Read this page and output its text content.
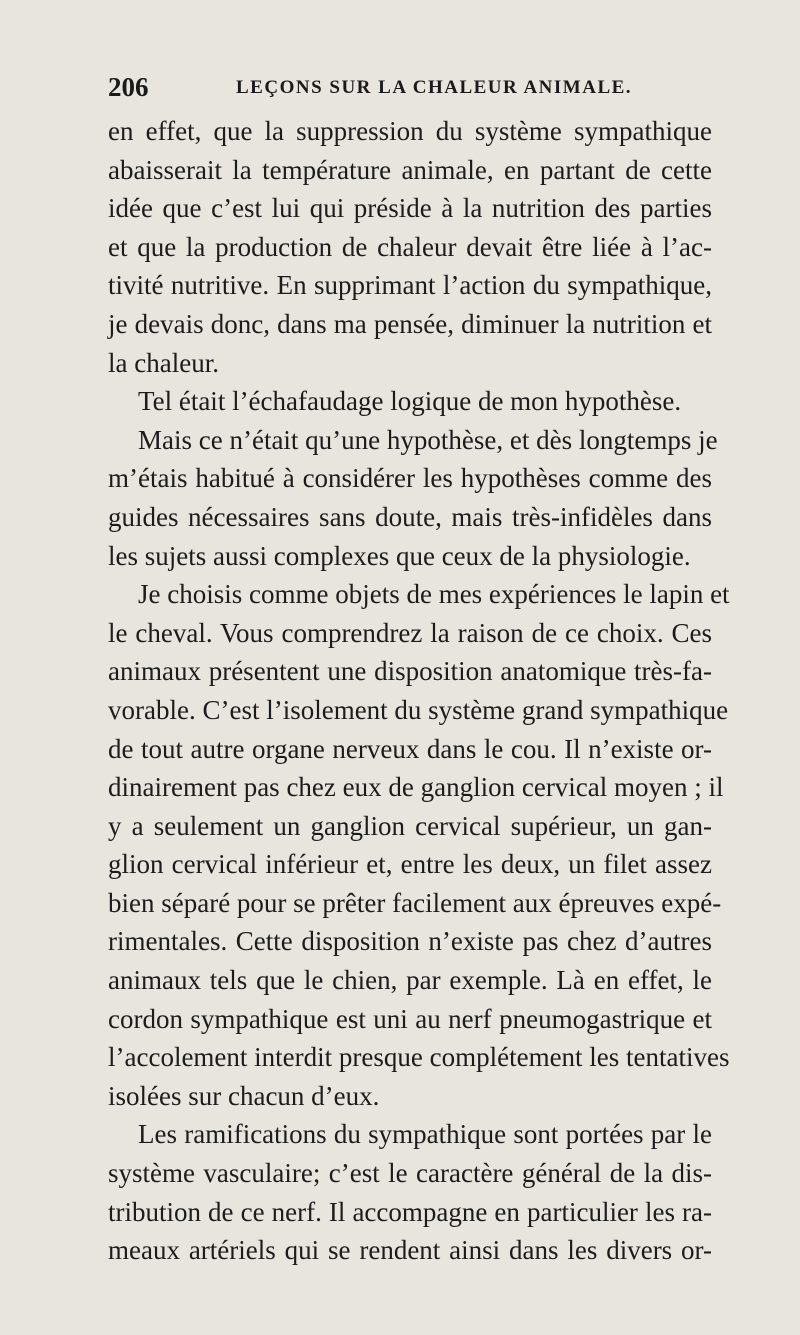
206	LEÇONS SUR LA CHALEUR ANIMALE.
en effet, que la suppression du système sympathique
abaisserait la température animale, en partant de cette
idée que c’est lui qui préside à la nutrition des parties
et que la production de chaleur devait être liée à l’ac-
tivité nutritive. En supprimant l’action du sympathique,
je devais donc, dans ma pensée, diminuer la nutrition et
la chaleur.
Tel était l’échafaudage logique de mon hypothèse.
Mais ce n’était qu’une hypothèse, et dès longtemps je
m’étais habitué à considérer les hypothèses comme des
guides nécessaires sans doute, mais très-infidèles dans
les sujets aussi complexes que ceux de la physiologie.
Je choisis comme objets de mes expériences le lapin et
le cheval. Vous comprendrez la raison de ce choix. Ces
animaux présentent une disposition anatomique très-fa-
vorable. C’est l’isolement du système grand sympathique
de tout autre organe nerveux dans le cou. Il n’existe or-
dinairement pas chez eux de ganglion cervical moyen ; il
y a seulement un ganglion cervical supérieur, un gan-
glion cervical inférieur et, entre les deux, un filet assez
bien séparé pour se prêter facilement aux épreuves expé-
rimentales. Cette disposition n’existe pas chez d’autres
animaux tels que le chien, par exemple. Là en effet, le
cordon sympathique est uni au nerf pneumogastrique et
l’accolement interdit presque complétement les tentatives
isolées sur chacun d’eux.
Les ramifications du sympathique sont portées par le
système vasculaire; c’est le caractère général de la dis-
tribution de ce nerf. Il accompagne en particulier les ra-
meaux artériels qui se rendent ainsi dans les divers or-
